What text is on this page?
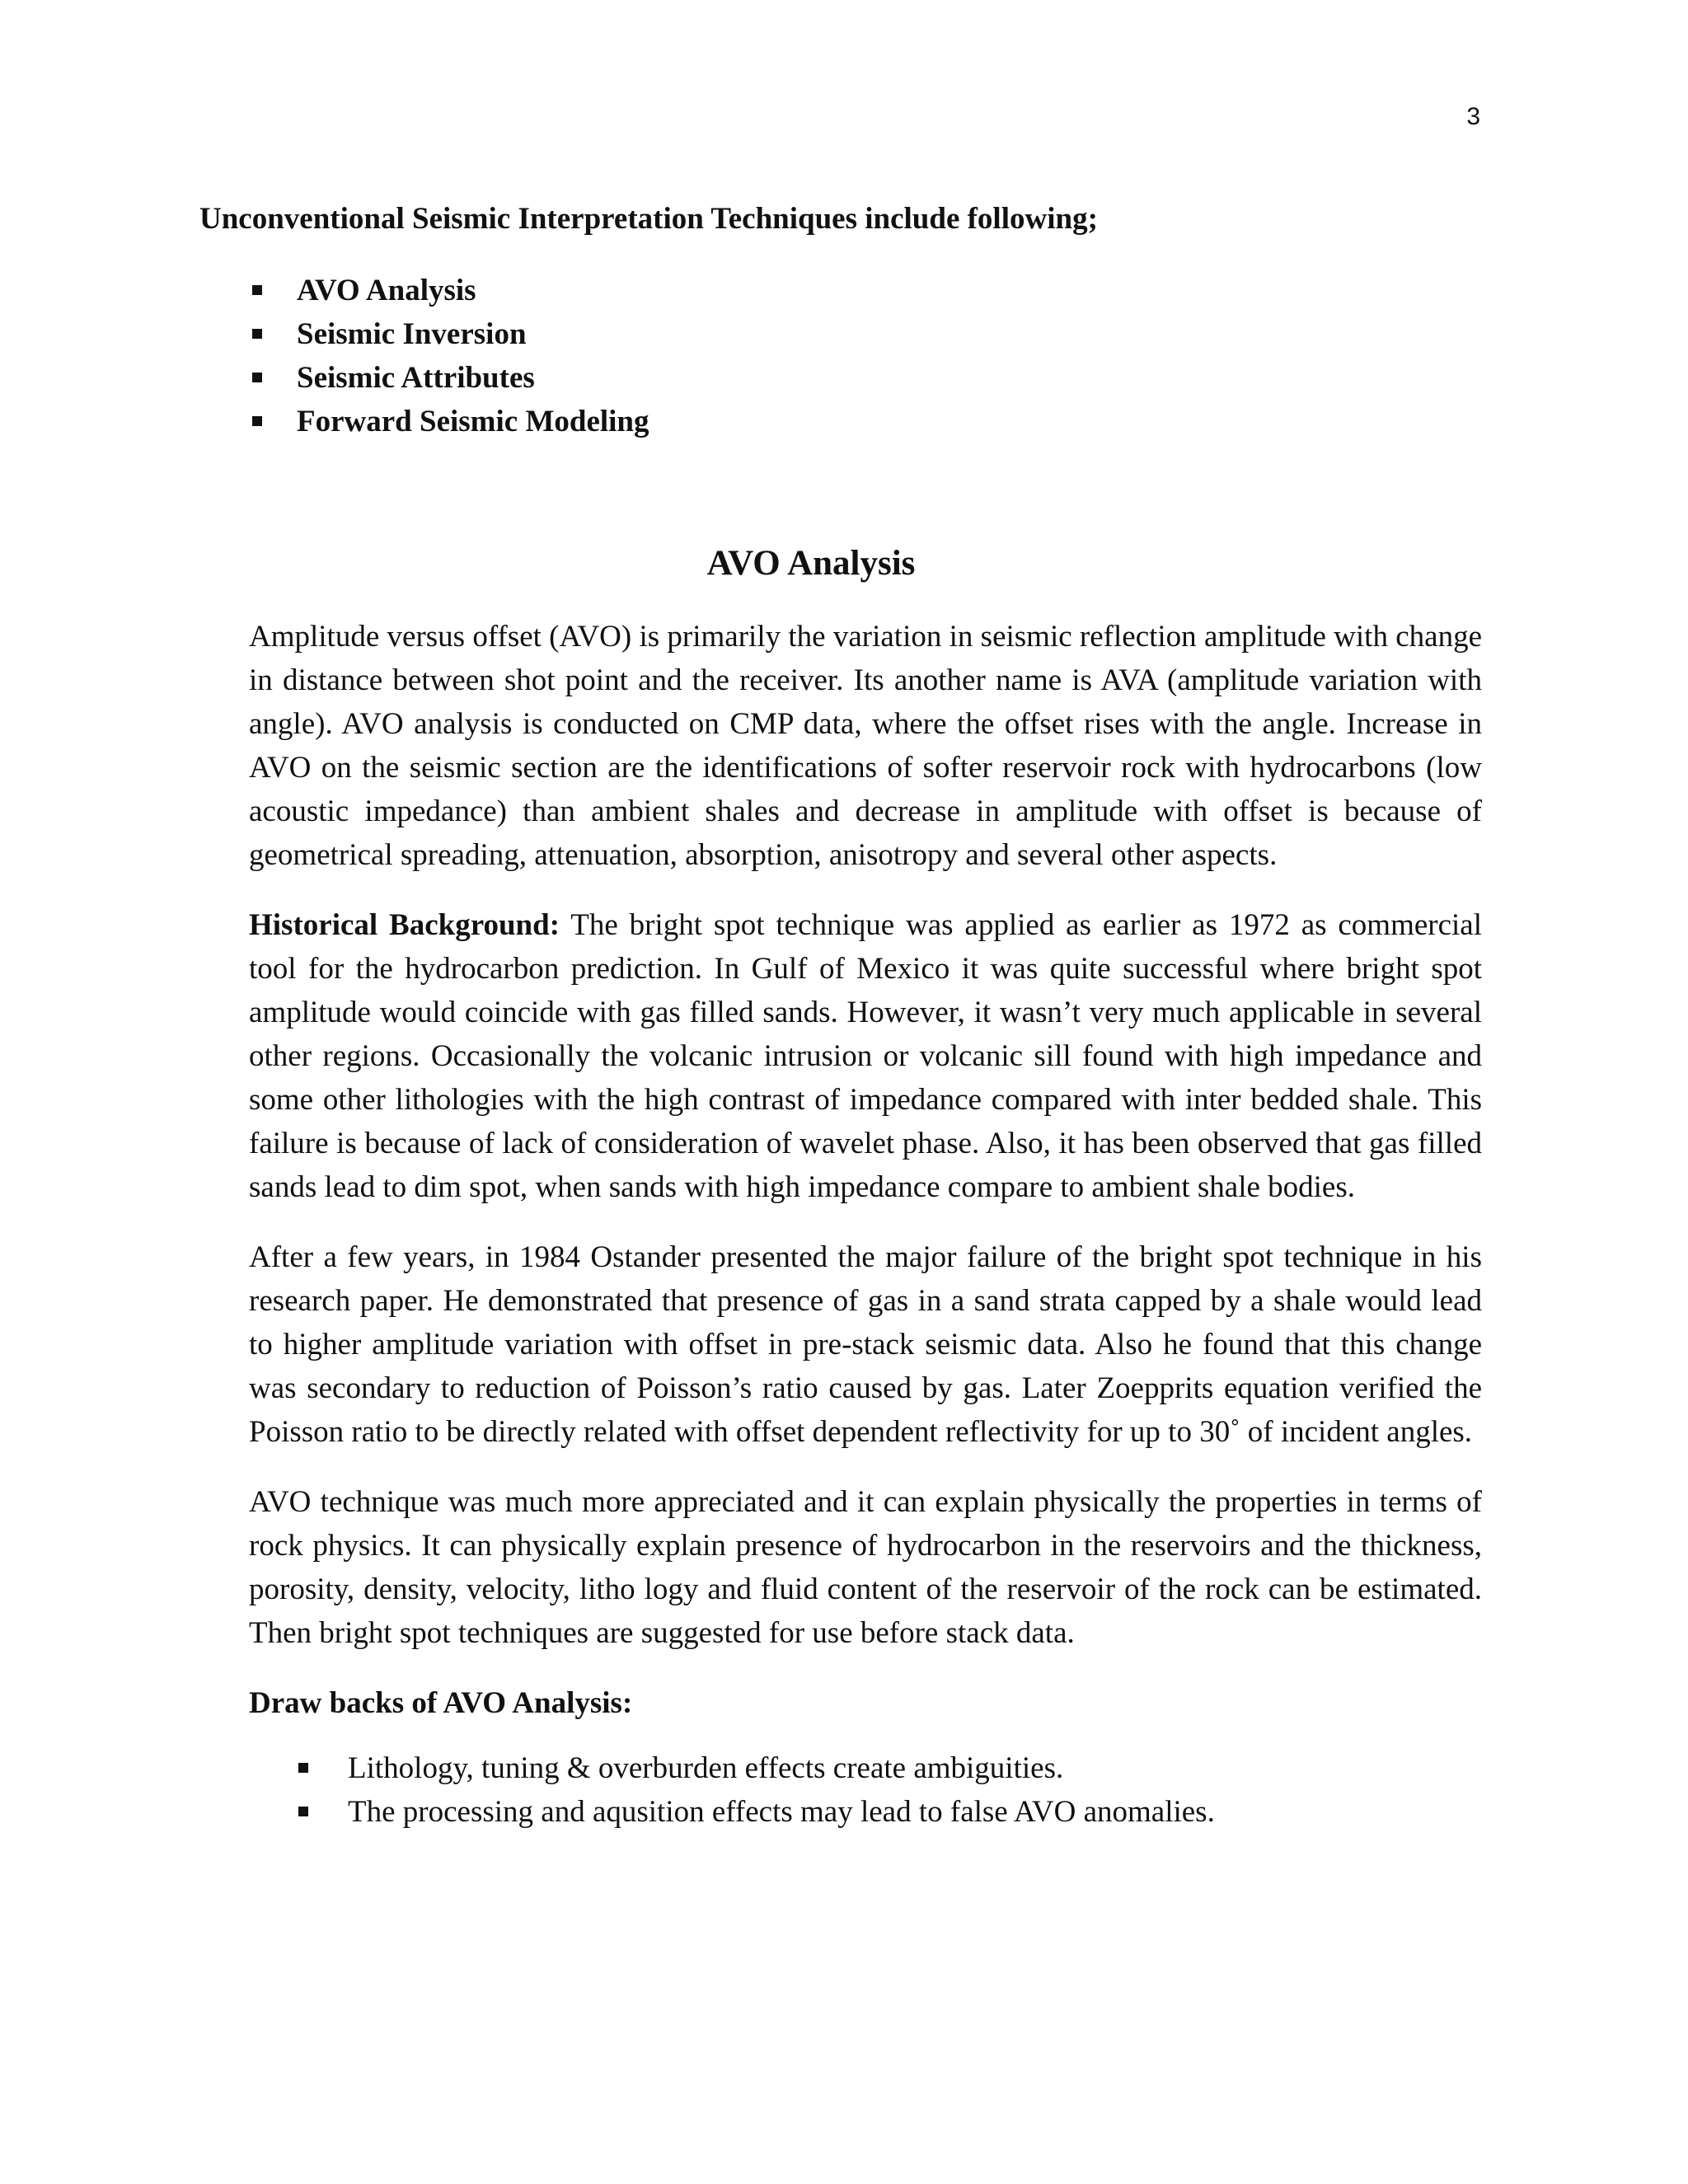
3

Unconventional Seismic Interpretation Techniques include following;

AVO Analysis
Seismic Inversion
Seismic Attributes
Forward Seismic Modeling
AVO Analysis

Amplitude versus offset (AVO) is primarily the variation in seismic reflection amplitude with change in distance between shot point and the receiver. Its another name is AVA (amplitude variation with angle). AVO analysis is conducted on CMP data, where the offset rises with the angle. Increase in AVO on the seismic section are the identifications of softer reservoir rock with hydrocarbons (low acoustic impedance) than ambient shales and decrease in amplitude with offset is because of geometrical spreading, attenuation, absorption, anisotropy and several other aspects.

Historical Background: The bright spot technique was applied as earlier as 1972 as commercial tool for the hydrocarbon prediction. In Gulf of Mexico it was quite successful where bright spot amplitude would coincide with gas filled sands. However, it wasn’t very much applicable in several other regions. Occasionally the volcanic intrusion or volcanic sill found with high impedance and some other lithologies with the high contrast of impedance compared with inter bedded shale. This failure is because of lack of consideration of wavelet phase. Also, it has been observed that gas filled sands lead to dim spot, when sands with high impedance compare to ambient shale bodies.

After a few years, in 1984 Ostander presented the major failure of the bright spot technique in his research paper. He demonstrated that presence of gas in a sand strata capped by a shale would lead to higher amplitude variation with offset in pre-stack seismic data. Also he found that this change was secondary to reduction of Poisson’s ratio caused by gas. Later Zoepprits equation verified the Poisson ratio to be directly related with offset dependent reflectivity for up to 30˚ of incident angles.

AVO technique was much more appreciated and it can explain physically the properties in terms of rock physics. It can physically explain presence of hydrocarbon in the reservoirs and the thickness, porosity, density, velocity, litho logy and fluid content of the reservoir of the rock can be estimated. Then bright spot techniques are suggested for use before stack data.

Draw backs of AVO Analysis:

Lithology, tuning & overburden effects create ambiguities.
The processing and aqusition effects may lead to false AVO anomalies.
